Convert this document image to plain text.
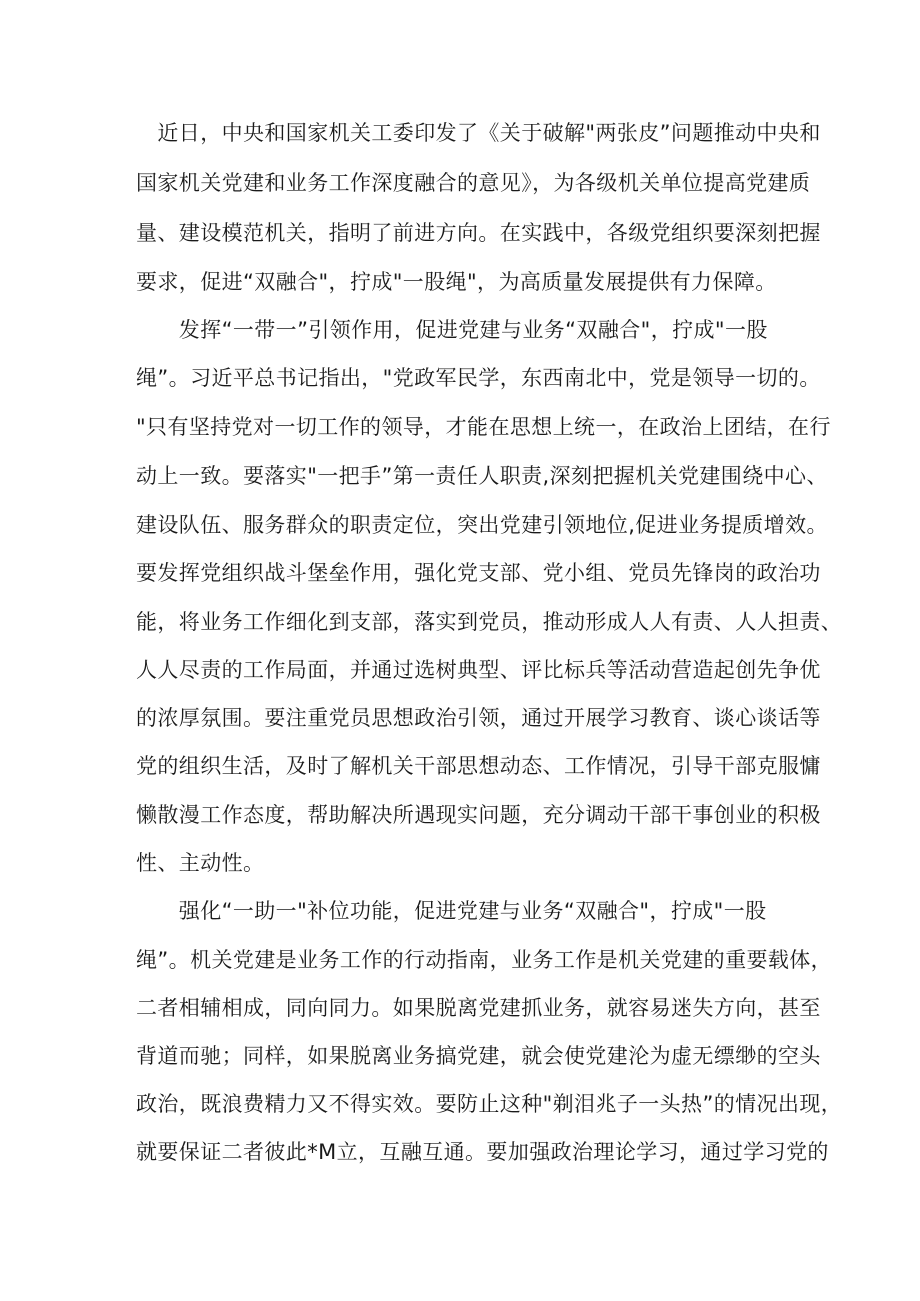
　近日，中央和国家机关工委印发了《关于破解"两张皮”问题推动中央和
国家机关党建和业务工作深度融合的意见》，为各级机关单位提高党建质
量、建设模范机关，指明了前进方向。在实践中，各级党组织要深刻把握
要求，促进“双融合"，拧成"一股绳"，为高质量发展提供有力保障。
　　发挥“一带一”引领作用，促进党建与业务“双融合"，拧成"一股
绳”。习近平总书记指出，"党政军民学，东西南北中，党是领导一切的。
"只有坚持党对一切工作的领导，才能在思想上统一，在政治上团结，在行
动上一致。要落实"一把手”第一责任人职责,深刻把握机关党建围绕中心、
建设队伍、服务群众的职责定位，突出党建引领地位,促进业务提质增效。
要发挥党组织战斗堡垒作用，强化党支部、党小组、党员先锋岗的政治功
能，将业务工作细化到支部，落实到党员，推动形成人人有责、人人担责、
人人尽责的工作局面，并通过选树典型、评比标兵等活动营造起创先争优
的浓厚氛围。要注重党员思想政治引领，通过开展学习教育、谈心谈话等
党的组织生活，及时了解机关干部思想动态、工作情况，引导干部克服慵
懒散漫工作态度，帮助解决所遇现实问题，充分调动干部干事创业的积极
性、主动性。
　　强化“一助一"补位功能，促进党建与业务“双融合"，拧成"一股
绳”。机关党建是业务工作的行动指南，业务工作是机关党建的重要载体，
二者相辅相成，同向同力。如果脱离党建抓业务，就容易迷失方向，甚至
背道而驰；同样，如果脱离业务搞党建，就会使党建沦为虚无缥缈的空头
政治，既浪费精力又不得实效。要防止这种"剃泪兆子一头热”的情况出现，
就要保证二者彼此*M立，互融互通。要加强政治理论学习，通过学习党的
